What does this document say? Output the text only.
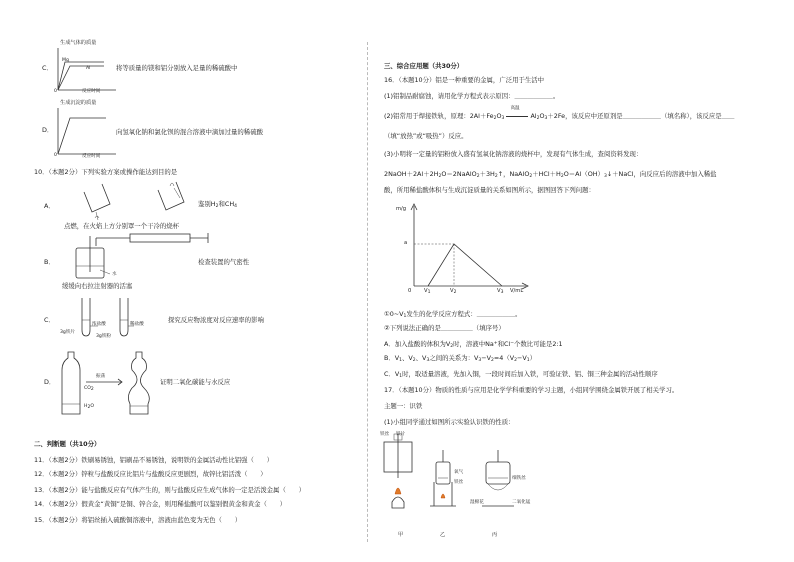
C．
生成气体的质量
Mg
Al
0	反应时间
将等质量的镁和铝分别放入足量的稀硫酸中
D．
生成沉淀的质量
0	反应时间
向氢氧化钠和氯化钡的混合溶液中滴加过量的稀硫酸
10．（本题2分）下列实验方案或操作能达到目的是
A．	鉴别$H_2$和$CH_4$
点燃，在火焰上方分别罩一个干冷的烧杯
B．
水
检查装置的气密性
缓缓向右拉注射器的活塞
C．
浓盐酸	稀盐酸
3g铁片
3g铁粉
探究反应物浓度对反应速率的影响
D．
振荡
CO2
H2O
证明二氧化碳能与水反应
二、判断题（共10分）
11．（本题2分）铁刷易锈蚀，铝刷品不易锈蚀，说明铁的金属活动性比铝强（　　）
12．（本题2分）锌粒与盐酸反应比铝片与盐酸反应更剧烈，故锌比铝活泼（　　）
13．（本题2分）能与盐酸反应有气体产生的，则与盐酸反应生成气体的一定是活泼金属（　　）
14．（本题2分）假黄金“黄铜”是铜、锌合金，则用稀盐酸可以鉴别假黄金和黄金（　　）
15．（本题2分）将铝丝插入硫酸铜溶液中，溶液由蓝色变为无色（　　）
三、综合应用题（共30分）
16．（本题10分）铝是一种重要的金属，广泛用于生活中
(1)铝制品耐腐蚀，请用化学方程式表示原因：＿＿＿＿＿＿。
(2)铝常用于焊接铁轨，原理：$2Al+Fe_2O_3$
高温
$Al_2O_3+2Fe$，该反应中还原剂是＿＿＿＿＿＿（填名称），该反应是＿＿
（填“放热”或“吸热”）反应。
(3)小明将一定量的铝粉放入盛有氢氧化钠溶液的烧杯中，发现有气体生成，查阅资料发现：
$2NaOH+2Al+2H_2O=2NaAlO_2+3H_2↑$，$NaAlO_2+HCl+H_2O=Al(OH)_3↓+NaCl$，向反应后的溶液中加入稀盐
酸，所用稀盐酸体积与生成沉淀质量的关系如图所示，据图回答下列问题：
m/g
a
0 V1	V2	V3 V/mL
$①0\sim V_1$发生的化学反应方程式：＿＿＿＿＿＿。
②下列说法正确的是＿＿＿＿＿（填序号）
A．加入盐酸的体积为$V_2$时，溶液中Na+和Cl−个数比可能是2:1
B．$V_1$、$V_2$、$V_3$之间的关系为：$V_3-V_2=4(V_2-V_1)$
C．$V_1$时，取适量溶液，先加入铜，一段时间后加入铁，可验证铁、铝、铜三种金属的活动性顺序
17．（本题10分）物质的性质与应用是化学学科重要的学习主题，小组同学围绕金属铁开展了相关学习。
主题一：识铁
(1)小组同学通过如图所示实验认识铁的性质：
铁丝 铁片
氧气
铁丝
细铁丝
湿棉花	二氧化锰
甲	乙	丙
